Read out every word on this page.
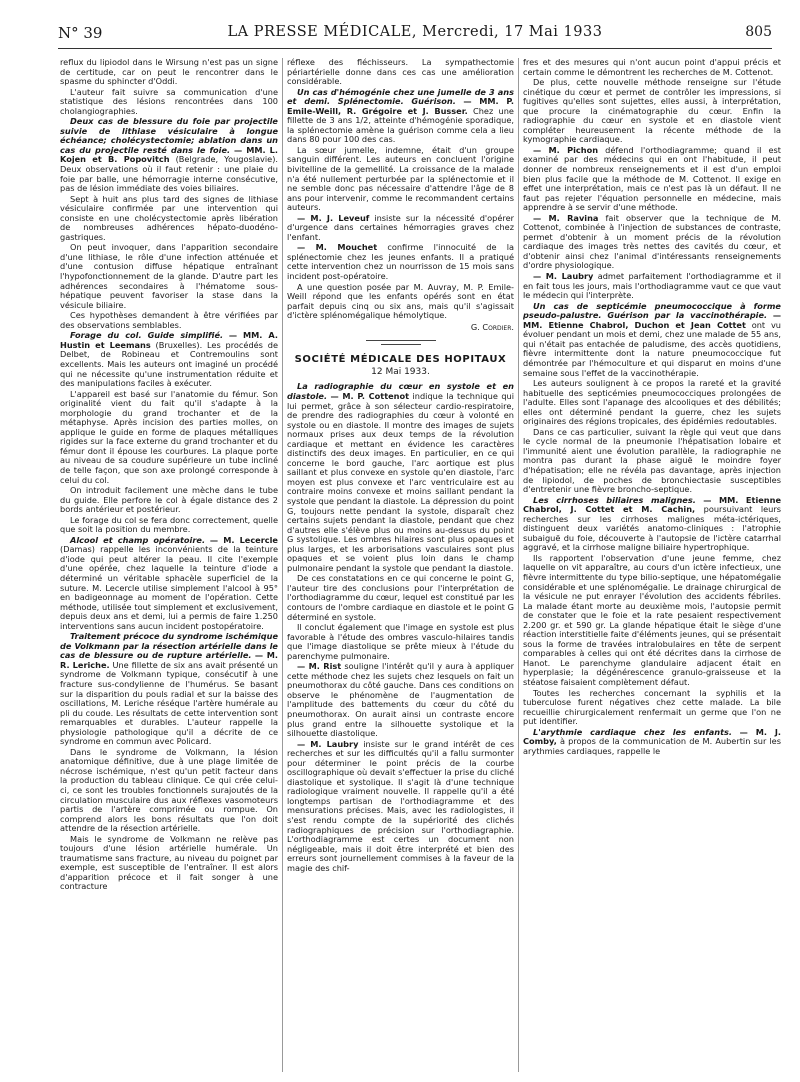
N° 39	LA PRESSE MÉDICALE, Mercredi, 17 Mai 1933	805

reflux du lipiodol dans le Wirsung n'est pas un signe de certitude, car on peut le rencontrer dans le spasme du sphincter d'Oddi.

L'auteur fait suivre sa communication d'une statistique des lésions rencontrées dans 100 cholangiographies.

Deux cas de blessure du foie par projectile suivie de lithiase vésiculaire à longue échéance; cholécystectomie; ablation dans un cas du projectile resté dans le foie. — MM. L. Kojen et B. Popovitch (Belgrade, Yougoslavie). Deux observations où il faut retenir : une plaie du foie par balle, une hémorragie interne consécutive, pas de lésion immédiate des voies biliaires.

Sept à huit ans plus tard des signes de lithiase vésiculaire confirmée par une intervention qui consiste en une cholécystectomie après libération de nombreuses adhérences hépato-duodéno-gastriques.

On peut invoquer, dans l'apparition secondaire d'une lithiase, le rôle d'une infection atténuée et d'une contusion diffuse hépatique entraînant l'hypofonctionnement de la glande. D'autre part les adhérences secondaires à l'hématome sous-hépatique peuvent favoriser la stase dans la vésicule biliaire.

Ces hypothèses demandent à être vérifiées par des observations semblables.

Forage du col. Guide simplifié. — MM. A. Hustin et Leemans (Bruxelles). Les procédés de Delbet, de Robineau et Contremoulins sont excellents. Mais les auteurs ont imaginé un procédé qui ne nécessite qu'une instrumentation réduite et des manipulations faciles à exécuter.

L'appareil est basé sur l'anatomie du fémur. Son originalité vient du fait qu'il s'adapte à la morphologie du grand trochanter et de la métaphyse. Après incision des parties molles, on applique le guide en forme de plaques métalliques rigides sur la face externe du grand trochanter et du fémur dont il épouse les courbures. La plaque porte au niveau de sa coudure supérieure un tube incliné de telle façon, que son axe prolongé corresponde à celui du col.

On introduit facilement une mèche dans le tube du guide. Elle perfore le col à égale distance des 2 bords antérieur et postérieur.

Le forage du col se fera donc correctement, quelle que soit la position du membre.

Alcool et champ opératoire. — M. Lecercle (Damas) rappelle les inconvénients de la teinture d'iode qui peut altérer la peau. Il cite l'exemple d'une opérée, chez laquelle la teinture d'iode a déterminé un véritable sphacèle superficiel de la suture. M. Lecercle utilise simplement l'alcool à 95° en badigeonnage au moment de l'opération. Cette méthode, utilisée tout simplement et exclusivement, depuis deux ans et demi, lui a permis de faire 1.250 interventions sans aucun incident postopératoire.

Traitement précoce du syndrome ischémique de Volkmann par la résection artérielle dans le cas de blessure ou de rupture artérielle. — M. R. Leriche. Une fillette de six ans avait présenté un syndrome de Volkmann typique, consécutif à une fracture sus-condylienne de l'humérus. Se basant sur la disparition du pouls radial et sur la baisse des oscillations, M. Leriche réséque l'artère humérale au pli du coude. Les résultats de cette intervention sont remarquables et durables. L'auteur rappelle la physiologie pathologique qu'il a décrite de ce syndrome en commun avec Policard.

Dans le syndrome de Volkmann, la lésion anatomique définitive, due à une plage limitée de nécrose ischémique, n'est qu'un petit facteur dans la production du tableau clinique. Ce qui crée celui-ci, ce sont les troubles fonctionnels surajoutés de la circulation musculaire dus aux réflexes vasomoteurs partis de l'artère comprimée ou rompue. On comprend alors les bons résultats que l'on doit attendre de la résection artérielle.

Mais le syndrome de Volkmann ne relève pas toujours d'une lésion artérielle humérale. Un traumatisme sans fracture, au niveau du poignet par exemple, est susceptible de l'entraîner. Il est alors d'apparition précoce et il fait songer à une contracture

réflexe des fléchisseurs. La sympathectomie périartérielle donne dans ces cas une amélioration considérable.

Un cas d'hémogénie chez une jumelle de 3 ans et demi. Splénectomie. Guérison. — MM. P. Emile-Weill, R. Grégoire et J. Busser. Chez une fillette de 3 ans 1/2, atteinte d'hémogénie sporadique, la splénectomie amène la guérison comme cela a lieu dans 80 pour 100 des cas.

La sœur jumelle, indemne, était d'un groupe sanguin différent. Les auteurs en concluent l'origine bivitelline de la gemellité. La croissance de la malade n'a été nullement perturbée par la splénectomie et il ne semble donc pas nécessaire d'attendre l'âge de 8 ans pour intervenir, comme le recommandent certains auteurs.

— M. J. Leveuf insiste sur la nécessité d'opérer d'urgence dans certaines hémorragies graves chez l'enfant.

— M. Mouchet confirme l'innocuité de la splénectomie chez les jeunes enfants. Il a pratiqué cette intervention chez un nourrisson de 15 mois sans incident post-opératoire.

A une question posée par M. Auvray, M. P. Emile-Weill répond que les enfants opérés sont en état parfait depuis cinq ou six ans, mais qu'il s'agissait d'ictère splénomégalique hémolytique.

G. Cordier.

SOCIÉTÉ MÉDICALE DES HOPITAUX
12 Mai 1933.

La radiographie du cœur en systole et en diastole. — M. P. Cottenot indique la technique qui lui permet, grâce à son sélecteur cardio-respiratoire, de prendre des radiographies du cœur à volonté en systole ou en diastole. Il montre des images de sujets normaux prises aux deux temps de la révolution cardiaque et mettant en évidence les caractères distinctifs des deux images. En particulier, en ce qui concerne le bord gauche, l'arc aortique est plus saillant et plus convexe en systole qu'en diastole, l'arc moyen est plus convexe et l'arc ventriculaire est au contraire moins convexe et moins saillant pendant la systole que pendant la diastole. La dépression du point G, toujours nette pendant la systole, disparaît chez certains sujets pendant la diastole, pendant que chez d'autres elle s'élève plus ou moins au-dessus du point G systolique. Les ombres hilaires sont plus opaques et plus larges, et les arborisations vasculaires sont plus opaques et se voient plus loin dans le champ pulmonaire pendant la systole que pendant la diastole.

De ces constatations en ce qui concerne le point G, l'auteur tire des conclusions pour l'interprétation de l'orthodiagramme du cœur, lequel est constitué par les contours de l'ombre cardiaque en diastole et le point G déterminé en systole.

Il conclut également que l'image en systole est plus favorable à l'étude des ombres vasculo-hilaires tandis que l'image diastolique se prête mieux à l'étude du parenchyme pulmonaire.

— M. Rist souligne l'intérêt qu'il y aura à appliquer cette méthode chez les sujets chez lesquels on fait un pneumothorax du côté gauche. Dans ces conditions on observe le phénomène de l'augmentation de l'amplitude des battements du cœur du côté du pneumothorax. On aurait ainsi un contraste encore plus grand entre la silhouette systolique et la silhouette diastolique.

— M. Laubry insiste sur le grand intérêt de ces recherches et sur les difficultés qu'il a fallu surmonter pour déterminer le point précis de la courbe oscillographique où devait s'effectuer la prise du cliché diastolique et systolique. Il s'agit là d'une technique radiologique vraiment nouvelle. Il rappelle qu'il a été longtemps partisan de l'orthodiagramme et des mensurations précises. Mais, avec les radiologistes, il s'est rendu compte de la supériorité des clichés radiographiques de précision sur l'orthodiagraphie. L'orthodiagramme est certes un document non négligeable, mais il doit être interprété et bien des erreurs sont journellement commises à la faveur de la magie des chif-

fres et des mesures qui n'ont aucun point d'appui précis et certain comme le démontrent les recherches de M. Cottenot.

De plus, cette nouvelle méthode renseigne sur l'étude cinétique du cœur et permet de contrôler les impressions, si fugitives qu'elles sont sujettes, elles aussi, à interprétation, que procure la cinématographie du cœur. Enfin la radiographie du cœur en systole et en diastole vient compléter heureusement la récente méthode de la kymographie cardiaque.

— M. Pichon défend l'orthodiagramme; quand il est examiné par des médecins qui en ont l'habitude, il peut donner de nombreux renseignements et il est d'un emploi bien plus facile que la méthode de M. Cottenot. Il exige en effet une interprétation, mais ce n'est pas là un défaut. Il ne faut pas rejeter l'équation personnelle en médecine, mais apprendre à se servir d'une méthode.

— M. Ravina fait observer que la technique de M. Cottenot, combinée à l'injection de substances de contraste, permet d'obtenir à un moment précis de la révolution cardiaque des images très nettes des cavités du cœur, et d'obtenir ainsi chez l'animal d'intéressants renseignements d'ordre physiologique.

— M. Laubry admet parfaitement l'orthodiagramme et il en fait tous les jours, mais l'orthodiagramme vaut ce que vaut le médecin qui l'interprète.

Un cas de septicémie pneumococcique à forme pseudo-palustre. Guérison par la vaccinothérapie. — MM. Etienne Chabrol, Duchon et Jean Cottet ont vu évoluer pendant un mois et demi, chez une malade de 55 ans, qui n'était pas entachée de paludisme, des accès quotidiens, fièvre intermittente dont la nature pneumococcique fut démontrée par l'hémoculture et qui disparut en moins d'une semaine sous l'effet de la vaccinothérapie.

Les auteurs soulignent à ce propos la rareté et la gravité habituelle des septicémies pneumococciques prolongées de l'adulte. Elles sont l'apanage des alcooliques et des débilités; elles ont déterminé pendant la guerre, chez les sujets originaires des régions tropicales, des épidémies redoutables.

Dans ce cas particulier, suivant la règle qui veut que dans le cycle normal de la pneumonie l'hépatisation lobaire et l'immunité aient une évolution parallèle, la radiographie ne montra pas durant la phase aiguë le moindre foyer d'hépatisation; elle ne révéla pas davantage, après injection de lipiodol, de poches de bronchiectasie susceptibles d'entretenir une fièvre broncho-septique.

Les cirrhoses biliaires malignes. — MM. Etienne Chabrol, J. Cottet et M. Cachin, poursuivant leurs recherches sur les cirrhoses malignes méta-ictériques, distinguent deux variétés anatomo-cliniques : l'atrophie subaiguë du foie, découverte à l'autopsie de l'ictère catarrhal aggravé, et la cirrhose maligne biliaire hypertrophique.

Ils rapportent l'observation d'une jeune femme, chez laquelle on vit apparaître, au cours d'un ictère infectieux, une fièvre intermittente du type bilio-septique, une hépatomégalie considérable et une splénomégalie. Le drainage chirurgical de la vésicule ne put enrayer l'évolution des accidents fébriles. La malade étant morte au deuxième mois, l'autopsie permit de constater que le foie et la rate pesaient respectivement 2.200 gr. et 590 gr. La glande hépatique était le siège d'une réaction interstitielle faite d'éléments jeunes, qui se présentait sous la forme de travées intralobulaires en tête de serpent comparables à celles qui ont été décrites dans la cirrhose de Hanot. Le parenchyme glandulaire adjacent était en hyperplasie; la dégénérescence granulo-graisseuse et la stéatose faisaient complètement défaut.

Toutes les recherches concernant la syphilis et la tuberculose furent négatives chez cette malade. La bile recueillie chirurgicalement renfermait un germe que l'on ne put identifier.

L'arythmie cardiaque chez les enfants. — M. J. Comby, à propos de la communication de M. Aubertin sur les arythmies cardiaques, rappelle le
